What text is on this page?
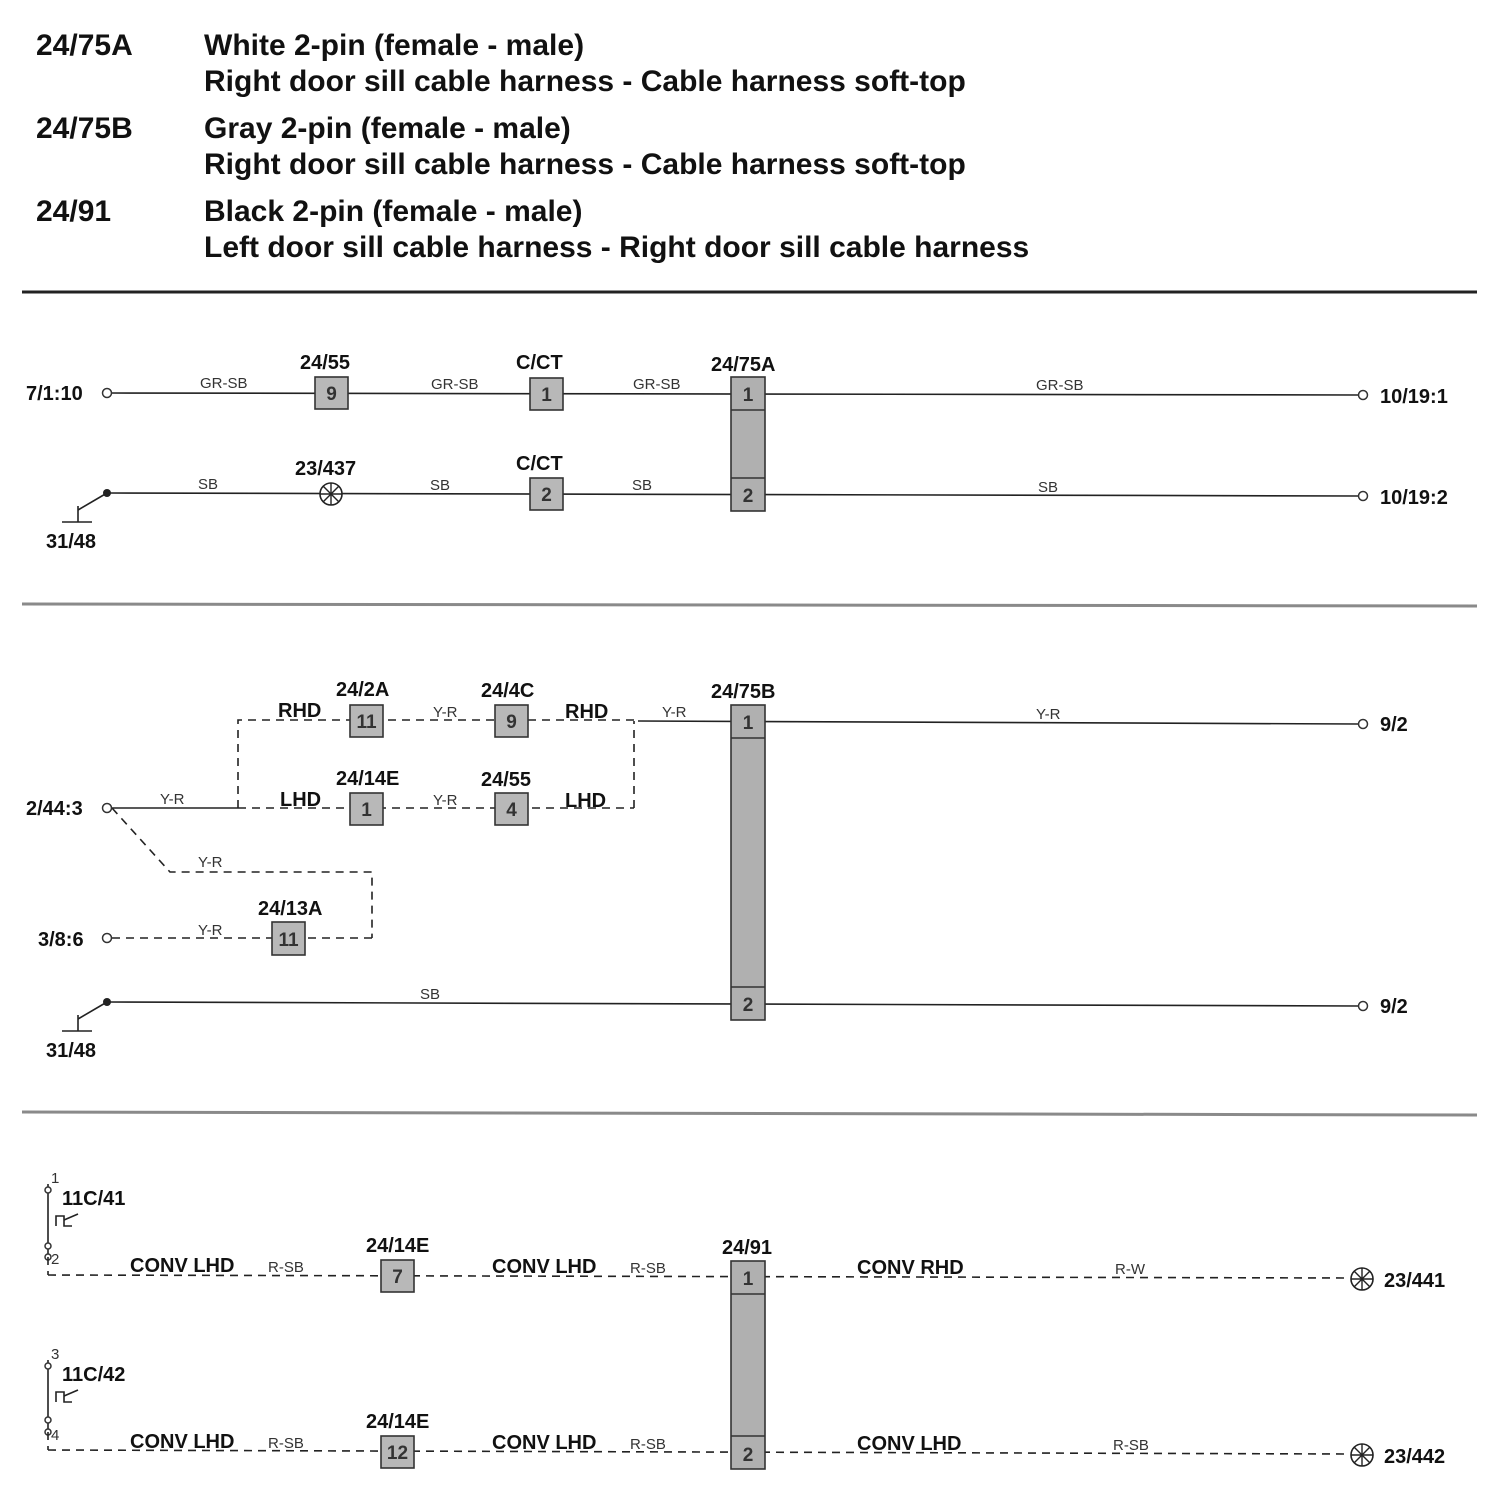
24/75A White 2-pin (female - male)
Right door sill cable harness - Cable harness soft-top
24/75B Gray 2-pin (female - male)
Right door sill cable harness - Cable harness soft-top
24/91	Black 2-pin (female - male)
Left door sill cable harness - Right door sill cable harness
7/1:10
31/48
GR-SB	GR-SB	GR-SB	GR-SB
SB	SB	SB	SB
24/55
9
C/CT
1
23/437	C/CT
2
24/75A
1
2
10/19:1
10/19:2
2/44:3
3/8:6
31/48
Y-R
Y-R	Y-R	Y-R
Y-R
Y-R
Y-R
SB
RHD	RHD
LHD	LHD
24/2A
11
24/4C
9
24/14E
1
24/55
4
24/13A
11
24/75B
1
2
9/2
9/2
1
2
11C/41
3
4
11C/42
CONV LHD R-SB	CONV LHD R-SB	CONV RHD	R-W
CONV LHD R-SB	CONV LHD R-SB	CONV LHD	R-SB
24/14E
7
24/14E
12
24/91
1
2
23/441
23/442
